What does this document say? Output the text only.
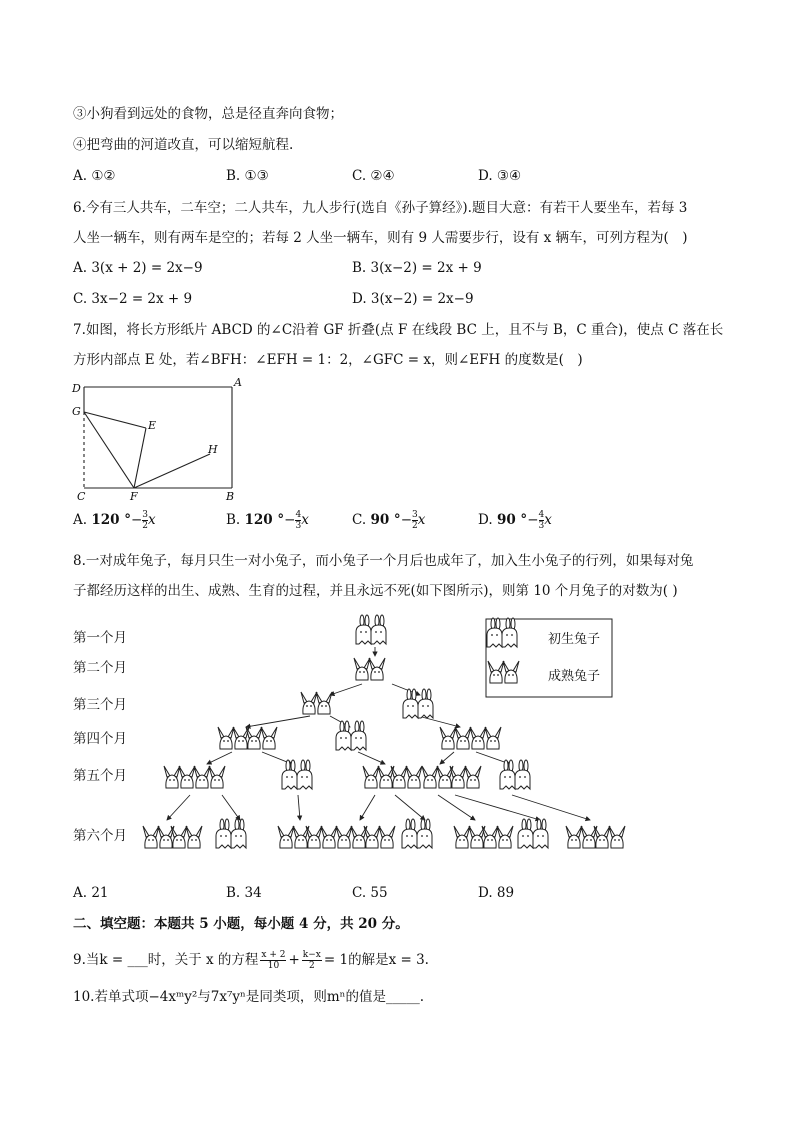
③小狗看到远处的食物，总是径直奔向食物；
④把弯曲的河道改直，可以缩短航程.
A. ①②	B. ①③	C. ②④	D. ③④
6.今有三人共车，二车空；二人共车，九人步行(选自《孙子算经》).题目大意：有若干人要坐车，若每 3
人坐一辆车，则有两车是空的；若每 2 人坐一辆车，则有 9 人需要步行，设有 x 辆车，可列方程为(　)
A. 3(x + 2) = 2x−9	B. 3(x−2) = 2x + 9
C. 3x−2 = 2x + 9	D. 3(x−2) = 2x−9
7.如图，将长方形纸片 ABCD 的∠C沿着 GF 折叠(点 F 在线段 BC 上，且不与 B，C 重合)，使点 C 落在长
方形内部点 E 处，若∠BFH：∠EFH = 1：2，∠GFC = x，则∠EFH 的度数是(　)
D	A
G
E
H
C	F	B
A. 120 °− $\frac{3}{2}$ x	B. 120 °− $\frac{4}{3}$ x	C. 90 °− $\frac{3}{2}$ x	D. 90 °− $\frac{4}{3}$ x
8.一对成年兔子，每月只生一对小兔子，而小兔子一个月后也成年了，加入生小兔子的行列，如果每对兔
子都经历这样的出生、成熟、生育的过程，并且永远不死(如下图所示)，则第 10 个月兔子的对数为( )
第一个月
第二个月
第三个月
第四个月
第五个月
第六个月
初生兔子
成熟兔子
A. 21	B. 34	C. 55	D. 89
二、填空题：本题共 5 小题，每小题 4 分，共 20 分。
9.当k = ___时，关于 x 的方程 $\frac{x + 2}{10} + \frac{k-x}{2} = 1$的解是x = 3.
10.若单式项−4xᵐy²与7x⁷yⁿ是同类项，则mⁿ的值是_____.
